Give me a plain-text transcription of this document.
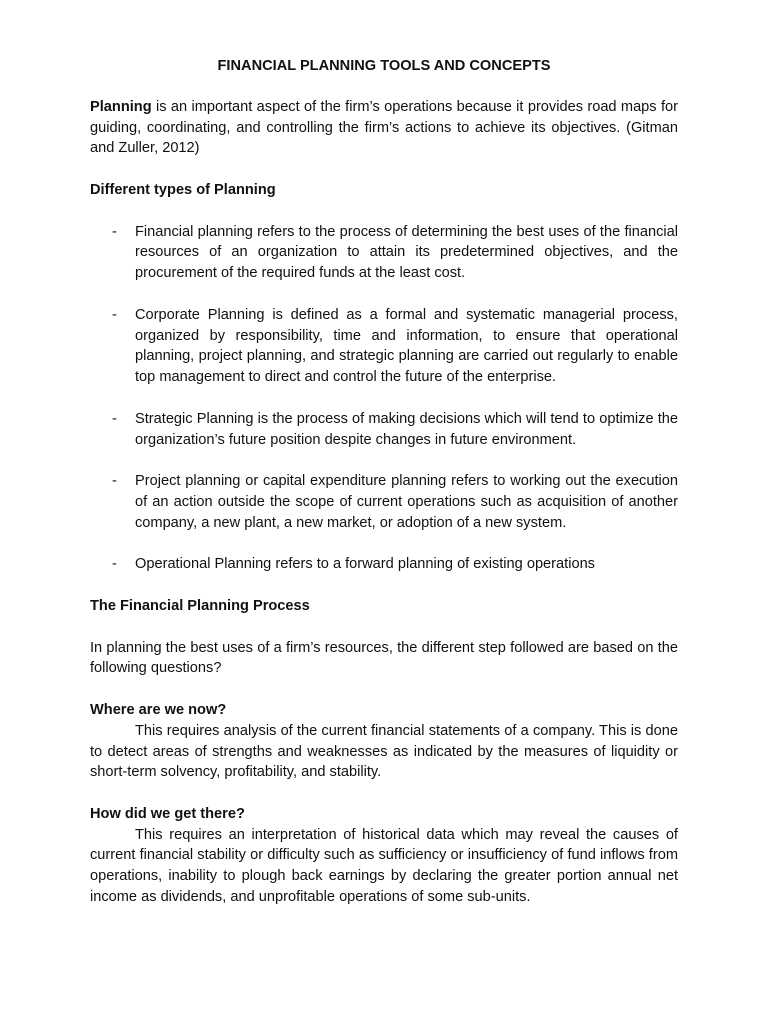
FINANCIAL PLANNING TOOLS AND CONCEPTS

Planning is an important aspect of the firm’s operations because it provides road maps for guiding, coordinating, and controlling the firm’s actions to achieve its objectives. (Gitman and Zuller, 2012)

Different types of Planning

- Financial planning refers to the process of determining the best uses of the financial resources of an organization to attain its predetermined objectives, and the procurement of the required funds at the least cost.
- Corporate Planning is defined as a formal and systematic managerial process, organized by responsibility, time and information, to ensure that operational planning, project planning, and strategic planning are carried out regularly to enable top management to direct and control the future of the enterprise.
- Strategic Planning is the process of making decisions which will tend to optimize the organization’s future position despite changes in future environment.
- Project planning or capital expenditure planning refers to working out the execution of an action outside the scope of current operations such as acquisition of another company, a new plant, a new market, or adoption of a new system.
- Operational Planning refers to a forward planning of existing operations

The Financial Planning Process

In planning the best uses of a firm’s resources, the different step followed are based on the following questions?

Where are we now?

This requires analysis of the current financial statements of a company. This is done to detect areas of strengths and weaknesses as indicated by the measures of liquidity or short-term solvency, profitability, and stability.

How did we get there?

This requires an interpretation of historical data which may reveal the causes of current financial stability or difficulty such as sufficiency or insufficiency of fund inflows from operations, inability to plough back earnings by declaring the greater portion annual net income as dividends, and unprofitable operations of some sub-units.
